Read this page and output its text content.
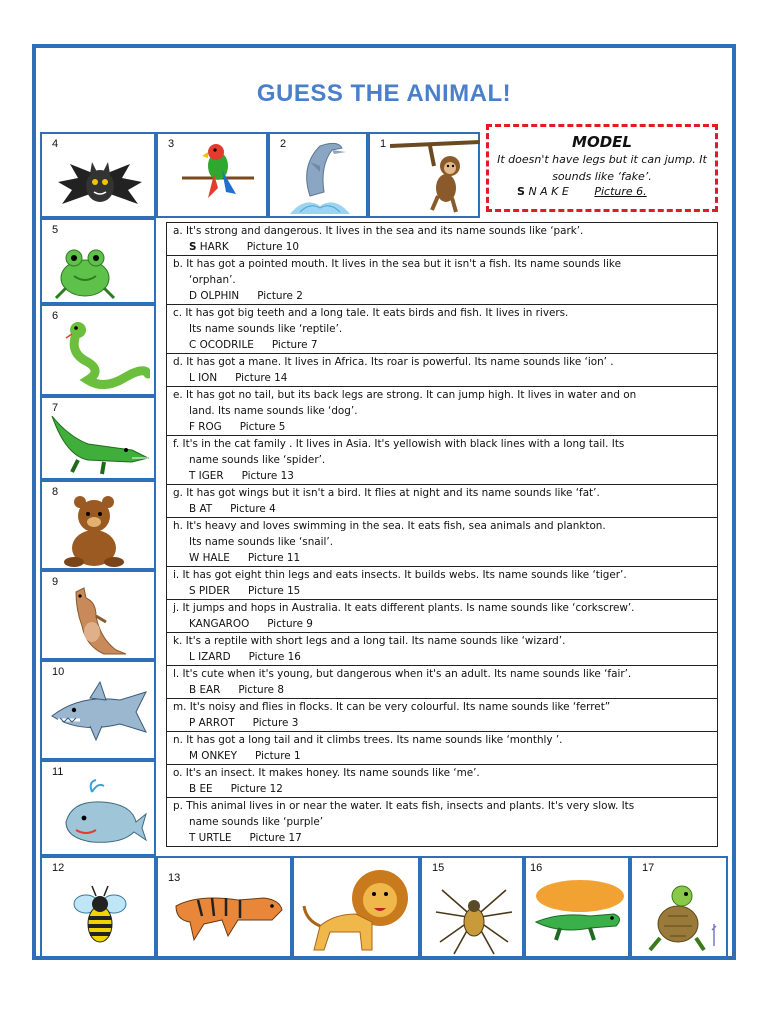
GUESS THE ANIMAL!
4	3	2	1	MODEL
It doesn't have legs but it can jump. It sounds like ‘fake’.
S N A K E Picture 6.
5
6
7
8
9
10
11
12
13
15	16	17
a. It's strong and dangerous. It lives in the sea and its name sounds like ‘park’.
S HARK Picture 10
b. It has got a pointed mouth. It lives in the sea but it isn't a fish. Its name sounds like
‘orphan’.
D OLPHIN Picture 2
c. It has got big teeth and a long tale. It eats birds and fish. It lives in rivers.
Its name sounds like ‘reptile’.
C OCODRILE Picture 7
d. It has got a mane. It lives in Africa. Its roar is powerful. Its name sounds like ‘ion’ .
L ION Picture 14
e. It has got no tail, but its back legs are strong. It can jump high. It lives in water and on
land. Its name sounds like ‘dog’.
F ROG Picture 5
f. It's in the cat family . It lives in Asia. It's yellowish with black lines with a long tail. Its
name sounds like ‘spider’.
T IGER Picture 13
g. It has got wings but it isn't a bird. It flies at night and its name sounds like ‘fat’.
B AT Picture 4
h. It's heavy and loves swimming in the sea. It eats fish, sea animals and plankton.
Its name sounds like ‘snail’.
W HALE Picture 11
i. It has got eight thin legs and eats insects. It builds webs. Its name sounds like ‘tiger’.
S PIDER Picture 15
j. It jumps and hops in Australia. It eats different plants. Is name sounds like ‘corkscrew’.
KANGAROO Picture 9
k. It's a reptile with short legs and a long tail. Its name sounds like ‘wizard’.
L IZARD Picture 16
l. It's cute when it's young, but dangerous when it's an adult. Its name sounds like ‘fair’.
B EAR Picture 8
m. It's noisy and flies in flocks. It can be very colourful. Its name sounds like ‘ferret”
P ARROT Picture 3
n. It has got a long tail and it climbs trees. Its name sounds like ‘monthly ’.
M ONKEY Picture 1
o. It's an insect. It makes honey. Its name sounds like ‘me’.
B EE Picture 12
p. This animal lives in or near the water. It eats fish, insects and plants. It's very slow. Its
name sounds like ‘purple’
T URTLE Picture 17
